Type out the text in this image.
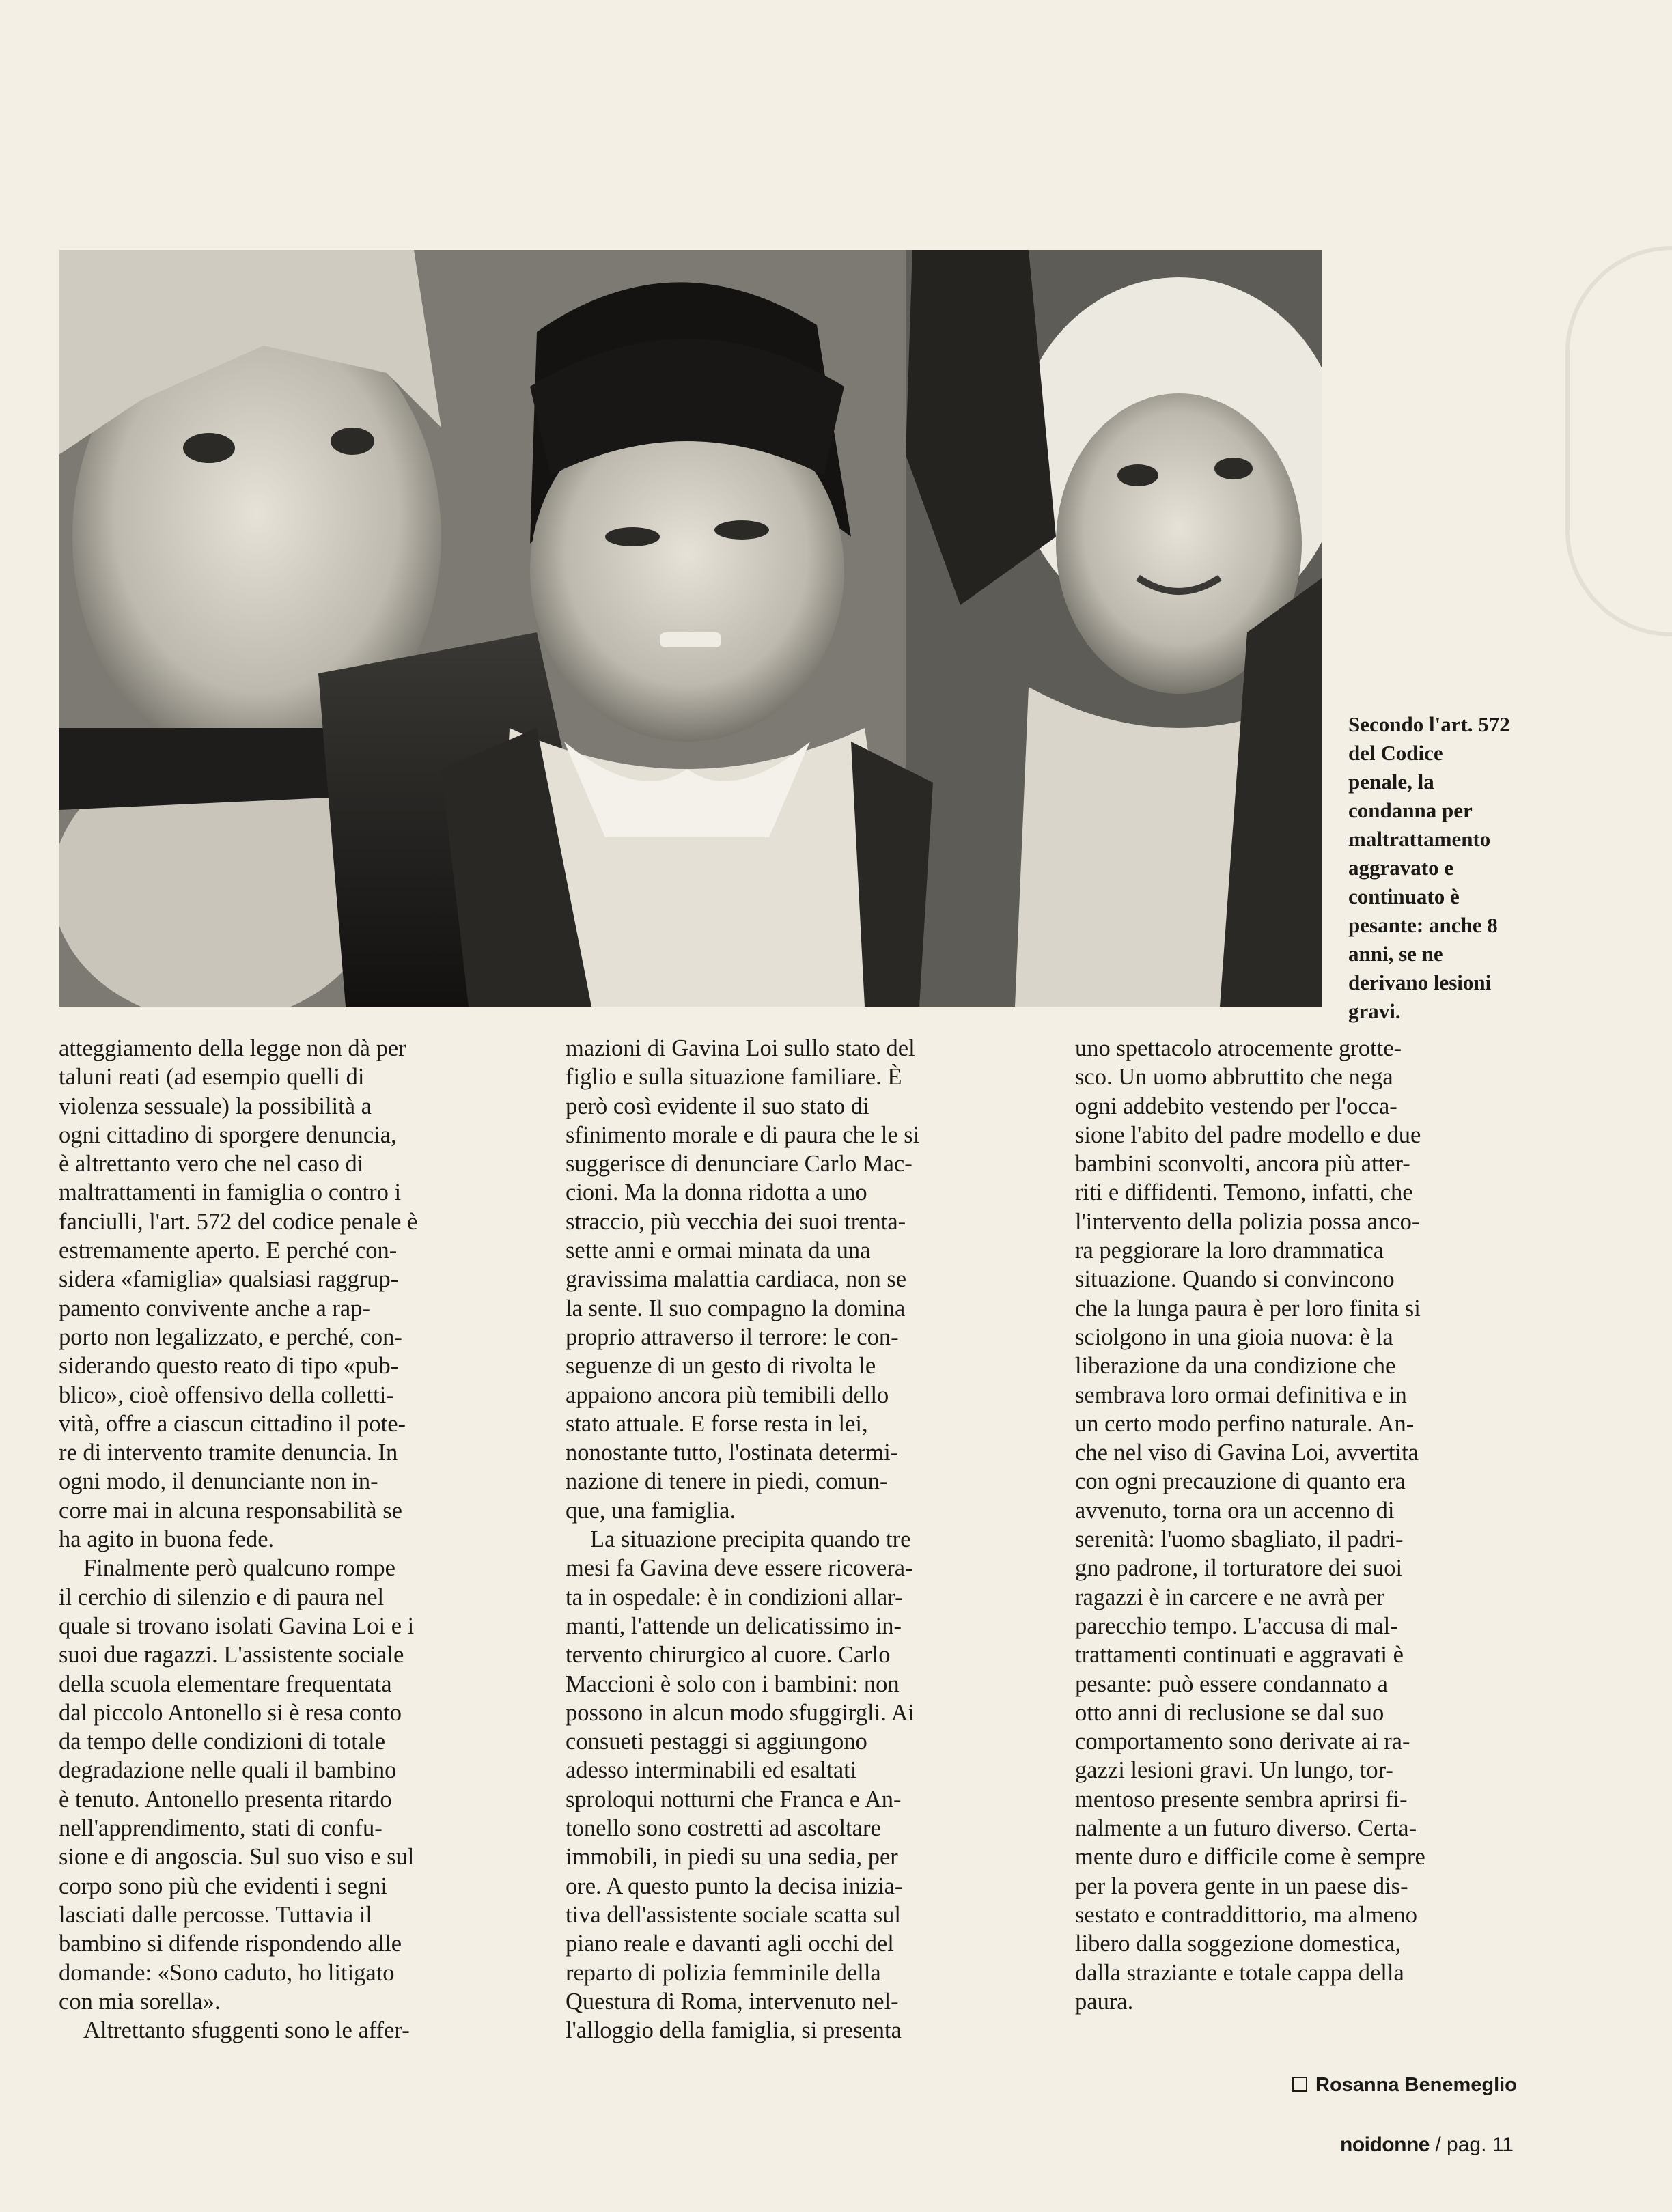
Secondo l'art. 572
del Codice
penale, la
condanna per
maltrattamento
aggravato e
continuato è
pesante: anche 8
anni, se ne
derivano lesioni
gravi.
atteggiamento della legge non dà per
taluni reati (ad esempio quelli di
violenza sessuale) la possibilità a
ogni cittadino di sporgere denuncia,
è altrettanto vero che nel caso di
maltrattamenti in famiglia o contro i
fanciulli, l'art. 572 del codice penale è
estremamente aperto. E perché con-
sidera «famiglia» qualsiasi raggrup-
pamento convivente anche a rap-
porto non legalizzato, e perché, con-
siderando questo reato di tipo «pub-
blico», cioè offensivo della colletti-
vità, offre a ciascun cittadino il pote-
re di intervento tramite denuncia. In
ogni modo, il denunciante non in-
corre mai in alcuna responsabilità se
ha agito in buona fede.
Finalmente però qualcuno rompe
il cerchio di silenzio e di paura nel
quale si trovano isolati Gavina Loi e i
suoi due ragazzi. L'assistente sociale
della scuola elementare frequentata
dal piccolo Antonello si è resa conto
da tempo delle condizioni di totale
degradazione nelle quali il bambino
è tenuto. Antonello presenta ritardo
nell'apprendimento, stati di confu-
sione e di angoscia. Sul suo viso e sul
corpo sono più che evidenti i segni
lasciati dalle percosse. Tuttavia il
bambino si difende rispondendo alle
domande: «Sono caduto, ho litigato
con mia sorella».
Altrettanto sfuggenti sono le affer-
mazioni di Gavina Loi sullo stato del
figlio e sulla situazione familiare. È
però così evidente il suo stato di
sfinimento morale e di paura che le si
suggerisce di denunciare Carlo Mac-
cioni. Ma la donna ridotta a uno
straccio, più vecchia dei suoi trenta-
sette anni e ormai minata da una
gravissima malattia cardiaca, non se
la sente. Il suo compagno la domina
proprio attraverso il terrore: le con-
seguenze di un gesto di rivolta le
appaiono ancora più temibili dello
stato attuale. E forse resta in lei,
nonostante tutto, l'ostinata determi-
nazione di tenere in piedi, comun-
que, una famiglia.
La situazione precipita quando tre
mesi fa Gavina deve essere ricovera-
ta in ospedale: è in condizioni allar-
manti, l'attende un delicatissimo in-
tervento chirurgico al cuore. Carlo
Maccioni è solo con i bambini: non
possono in alcun modo sfuggirgli. Ai
consueti pestaggi si aggiungono
adesso interminabili ed esaltati
sproloqui notturni che Franca e An-
tonello sono costretti ad ascoltare
immobili, in piedi su una sedia, per
ore. A questo punto la decisa inizia-
tiva dell'assistente sociale scatta sul
piano reale e davanti agli occhi del
reparto di polizia femminile della
Questura di Roma, intervenuto nel-
l'alloggio della famiglia, si presenta
uno spettacolo atrocemente grotte-
sco. Un uomo abbruttito che nega
ogni addebito vestendo per l'occa-
sione l'abito del padre modello e due
bambini sconvolti, ancora più atter-
riti e diffidenti. Temono, infatti, che
l'intervento della polizia possa anco-
ra peggiorare la loro drammatica
situazione. Quando si convincono
che la lunga paura è per loro finita si
sciolgono in una gioia nuova: è la
liberazione da una condizione che
sembrava loro ormai definitiva e in
un certo modo perfino naturale. An-
che nel viso di Gavina Loi, avvertita
con ogni precauzione di quanto era
avvenuto, torna ora un accenno di
serenità: l'uomo sbagliato, il padri-
gno padrone, il torturatore dei suoi
ragazzi è in carcere e ne avrà per
parecchio tempo. L'accusa di mal-
trattamenti continuati e aggravati è
pesante: può essere condannato a
otto anni di reclusione se dal suo
comportamento sono derivate ai ra-
gazzi lesioni gravi. Un lungo, tor-
mentoso presente sembra aprirsi fi-
nalmente a un futuro diverso. Certa-
mente duro e difficile come è sempre
per la povera gente in un paese dis-
sestato e contraddittorio, ma almeno
libero dalla soggezione domestica,
dalla straziante e totale cappa della
paura.
Rosanna Benemeglio
noidonne / pag. 11
